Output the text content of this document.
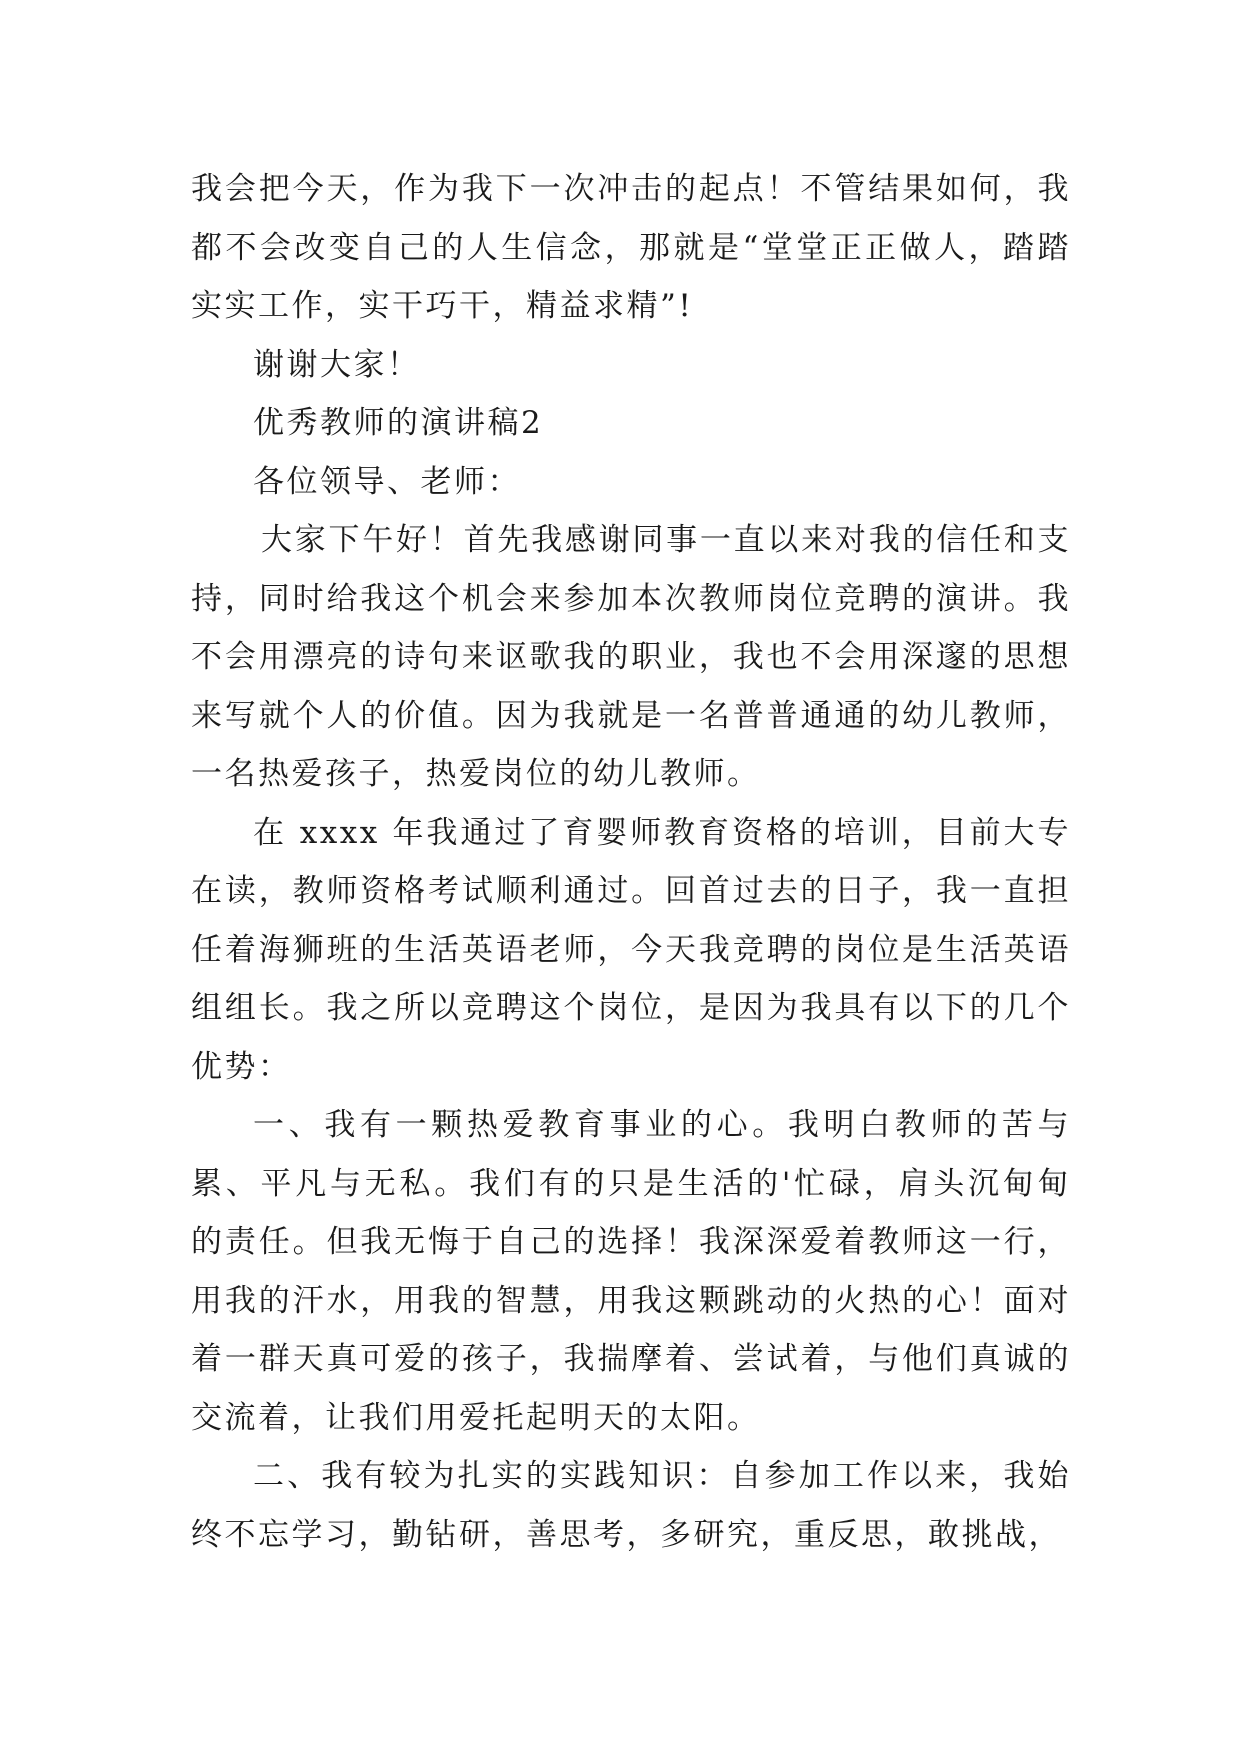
我会把今天，作为我下一次冲击的起点！不管结果如何，我都不会改变自己的人生信念，那就是“堂堂正正做人，踏踏实实工作，实干巧干，精益求精”!

谢谢大家！

优秀教师的演讲稿2

各位领导、老师：

大家下午好！首先我感谢同事一直以来对我的信任和支持，同时给我这个机会来参加本次教师岗位竞聘的演讲。我不会用漂亮的诗句来讴歌我的职业，我也不会用深邃的思想来写就个人的价值。因为我就是一名普普通通的幼儿教师，一名热爱孩子，热爱岗位的幼儿教师。

在 xxxx 年我通过了育婴师教育资格的培训，目前大专在读，教师资格考试顺利通过。回首过去的日子，我一直担任着海狮班的生活英语老师，今天我竞聘的岗位是生活英语组组长。我之所以竞聘这个岗位，是因为我具有以下的几个优势：

一、我有一颗热爱教育事业的心。我明白教师的苦与累、平凡与无私。我们有的只是生活的'忙碌，肩头沉甸甸的责任。但我无悔于自己的选择！我深深爱着教师这一行，用我的汗水，用我的智慧，用我这颗跳动的火热的心！面对着一群天真可爱的孩子，我揣摩着、尝试着，与他们真诚的交流着，让我们用爱托起明天的太阳。

二、我有较为扎实的实践知识：自参加工作以来，我始终不忘学习，勤钻研，善思考，多研究，重反思，敢挑战，
